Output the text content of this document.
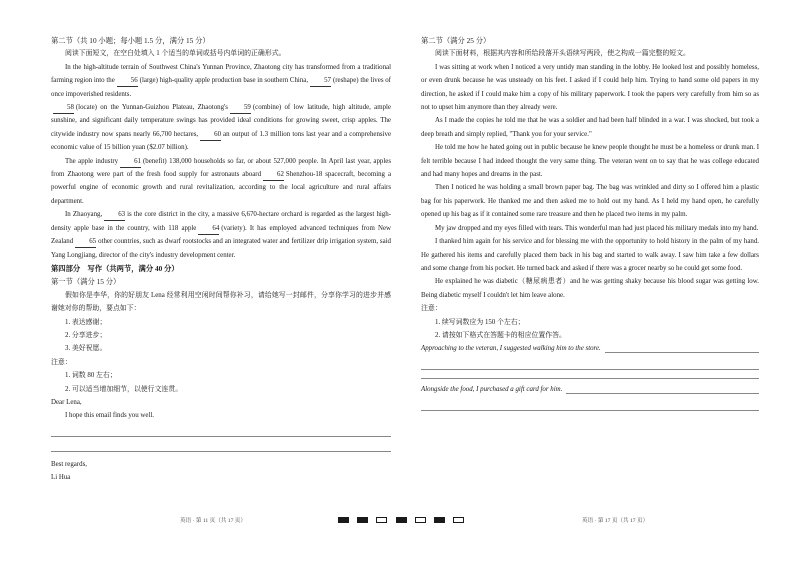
第二节（共 10 小题；每小题 1.5 分，满分 15 分）

阅读下面短文，在空白处填入 1 个适当的单词或括号内单词的正确形式。

In the high-altitude terrain of Southwest China's Yunnan Province, Zhaotong city has transformed from a traditional farming region into the 56 (large) high-quality apple production base in southern China, 57 (reshape) the lives of once impoverished residents.
58 (locate) on the Yunnan-Guizhou Plateau, Zhaotong's 59 (combine) of low latitude, high altitude, ample sunshine, and significant daily temperature swings has provided ideal conditions for growing sweet, crisp apples. The citywide industry now spans nearly 66,700 hectares, 60 an output of 1.3 million tons last year and a comprehensive economic value of 15 billion yuan ($2.07 billion).

The apple industry 61 (benefit) 138,000 households so far, or about 527,000 people. In April last year, apples from Zhaotong were part of the fresh food supply for astronauts aboard 62 Shenzhou-18 spacecraft, becoming a powerful engine of economic growth and rural revitalization, according to the local agriculture and rural affairs department.

In Zhaoyang, 63 is the core district in the city, a massive 6,670-hectare orchard is regarded as the largest high-density apple base in the country, with 118 apple 64 (variety). It has employed advanced techniques from New Zealand 65 other countries, such as dwarf rootstocks and an integrated water and fertilizer drip irrigation system, said Yang Longjiang, director of the city's industry development center.

第四部分　写作（共两节，满分 40 分）

第一节（满分 15 分）

假如你是李华，你的好朋友 Lena 经常利用空闲时间帮你补习，请给她写一封邮件，分享你学习的进步并感谢她对你的帮助，要点如下：

1. 表达感谢；

2. 分享进步；

3. 美好祝愿。

注意：

1. 词数 80 左右；

2. 可以适当增加细节，以使行文连贯。

Dear Lena,

I hope this email finds you well.

Best regards,

Li Hua

第二节（满分 25 分）

阅读下面材料，根据其内容和所给段落开头语续写两段，使之构成一篇完整的短文。

I was sitting at work when I noticed a very untidy man standing in the lobby. He looked lost and possibly homeless, or even drunk because he was unsteady on his feet. I asked if I could help him. Trying to hand some old papers in my direction, he asked if I could make him a copy of his military paperwork. I took the papers very carefully from him so as not to upset him anymore than they already were.

As I made the copies he told me that he was a soldier and had been half blinded in a war. I was shocked, but took a deep breath and simply replied, "Thank you for your service."

He told me how he hated going out in public because he knew people thought he must be a homeless or drunk man. I felt terrible because I had indeed thought the very same thing. The veteran went on to say that he was college educated and had many hopes and dreams in the past.

Then I noticed he was holding a small brown paper bag. The bag was wrinkled and dirty so I offered him a plastic bag for his paperwork. He thanked me and then asked me to hold out my hand. As I held my hand open, he carefully opened up his bag as if it contained some rare treasure and then he placed two items in my palm.

My jaw dropped and my eyes filled with tears. This wonderful man had just placed his military medals into my hand.

I thanked him again for his service and for blessing me with the opportunity to hold history in the palm of my hand. He gathered his items and carefully placed them back in his bag and started to walk away. I saw him take a few dollars and some change from his pocket. He turned back and asked if there was a grocer nearby so he could get some food.

He explained he was diabetic（糖尿病患者）and he was getting shaky because his blood sugar was getting low. Being diabetic myself I couldn't let him leave alone.

注意：

1. 续写词数应为 150 个左右；

2. 请按如下格式在答题卡的相应位置作答。

Approaching to the veteran, I suggested walking him to the store.
Alongside the food, I purchased a gift card for him.
英语 · 第 11 页（共 17 页）	英语 · 第 17 页（共 17 页）
